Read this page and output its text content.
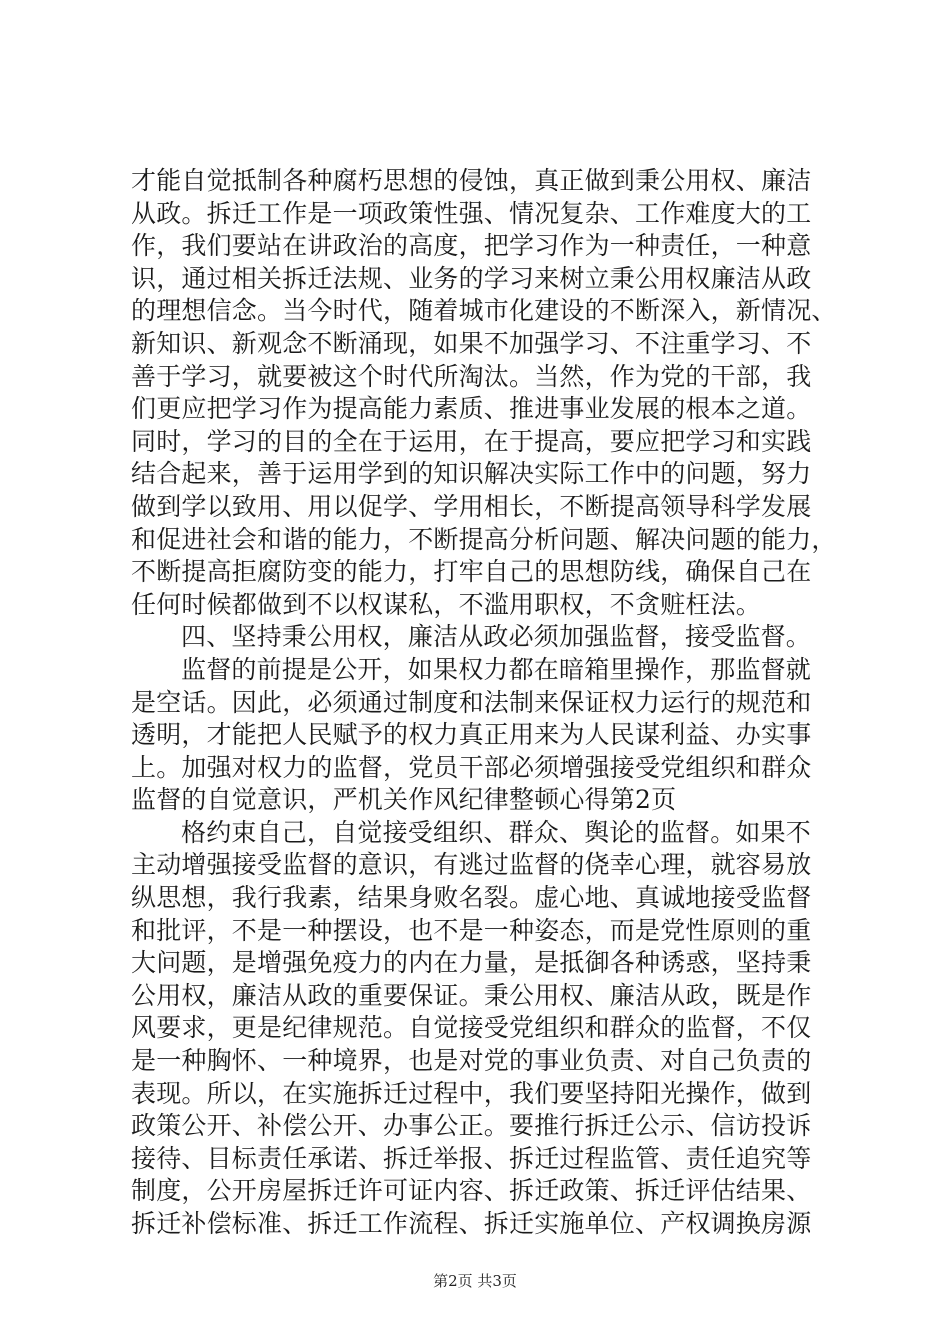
才能自觉抵制各种腐朽思想的侵蚀，真正做到秉公用权、廉洁
从政。拆迁工作是一项政策性强、情况复杂、工作难度大的工
作，我们要站在讲政治的高度，把学习作为一种责任，一种意
识，通过相关拆迁法规、业务的学习来树立秉公用权廉洁从政
的理想信念。当今时代，随着城市化建设的不断深入，新情况、
新知识、新观念不断涌现，如果不加强学习、不注重学习、不
善于学习，就要被这个时代所淘汰。当然，作为党的干部，我
们更应把学习作为提高能力素质、推进事业发展的根本之道。
同时，学习的目的全在于运用，在于提高，要应把学习和实践
结合起来，善于运用学到的知识解决实际工作中的问题，努力
做到学以致用、用以促学、学用相长，不断提高领导科学发展
和促进社会和谐的能力，不断提高分析问题、解决问题的能力，
不断提高拒腐防变的能力，打牢自己的思想防线，确保自己在
任何时候都做到不以权谋私，不滥用职权，不贪赃枉法。
四、坚持秉公用权，廉洁从政必须加强监督，接受监督。
监督的前提是公开，如果权力都在暗箱里操作，那监督就
是空话。因此，必须通过制度和法制来保证权力运行的规范和
透明，才能把人民赋予的权力真正用来为人民谋利益、办实事
上。加强对权力的监督，党员干部必须增强接受党组织和群众
监督的自觉意识，严机关作风纪律整顿心得第2页
格约束自己，自觉接受组织、群众、舆论的监督。如果不
主动增强接受监督的意识，有逃过监督的侥幸心理，就容易放
纵思想，我行我素，结果身败名裂。虚心地、真诚地接受监督
和批评，不是一种摆设，也不是一种姿态，而是党性原则的重
大问题，是增强免疫力的内在力量，是抵御各种诱惑，坚持秉
公用权，廉洁从政的重要保证。秉公用权、廉洁从政，既是作
风要求，更是纪律规范。自觉接受党组织和群众的监督，不仅
是一种胸怀、一种境界，也是对党的事业负责、对自己负责的
表现。所以，在实施拆迁过程中，我们要坚持阳光操作，做到
政策公开、补偿公开、办事公正。要推行拆迁公示、信访投诉
接待、目标责任承诺、拆迁举报、拆迁过程监管、责任追究等
制度，公开房屋拆迁许可证内容、拆迁政策、拆迁评估结果、
拆迁补偿标准、拆迁工作流程、拆迁实施单位、产权调换房源
第2页 共3页
